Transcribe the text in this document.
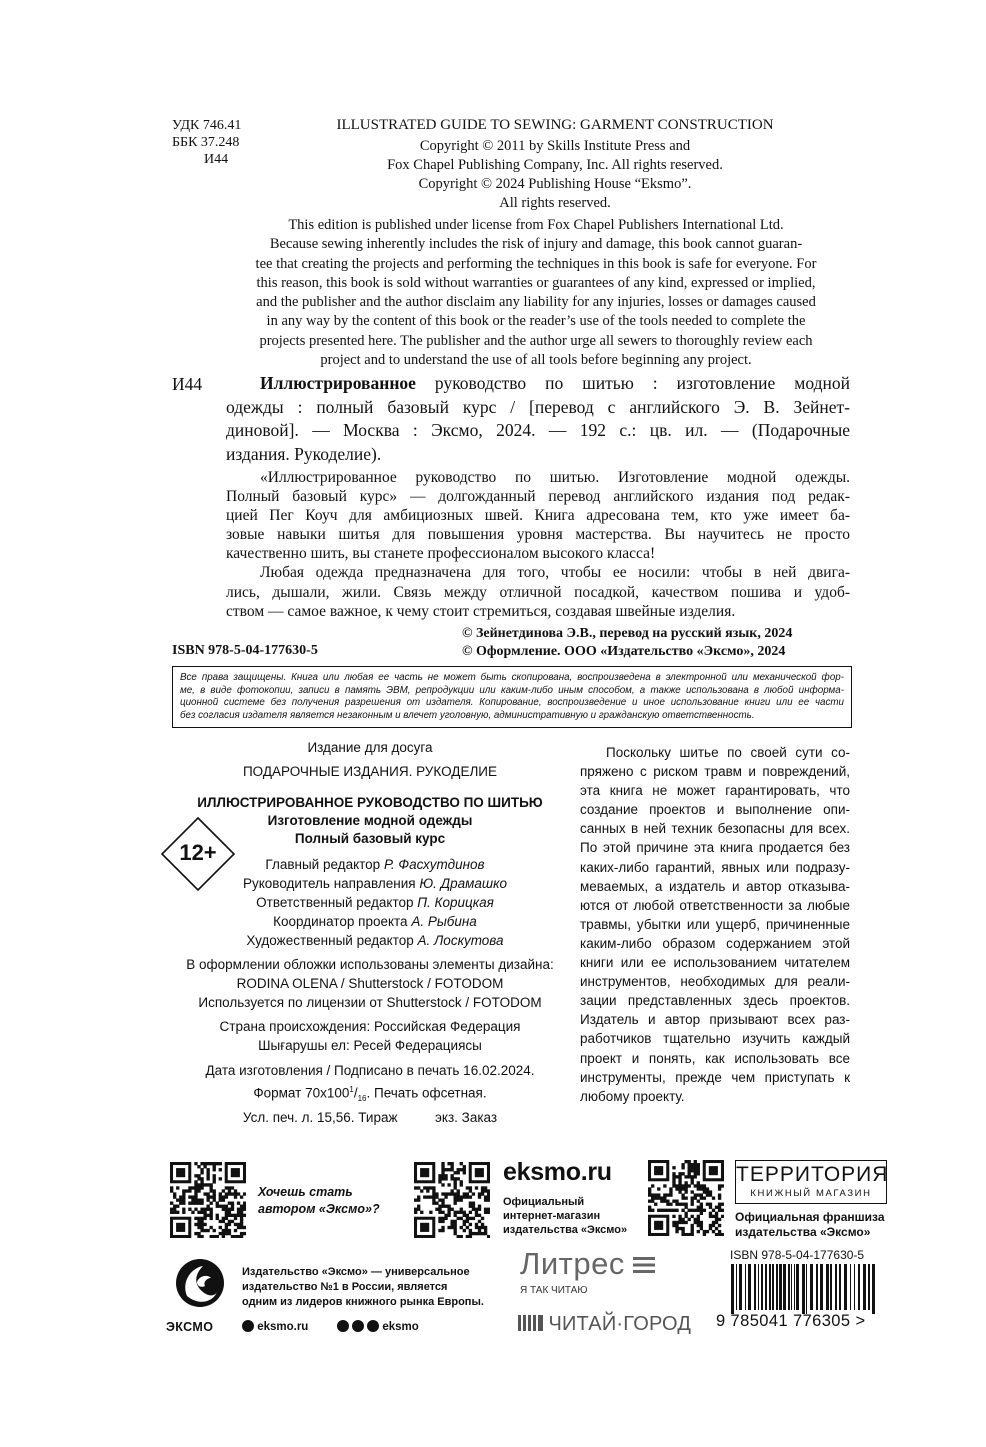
УДК 746.41
ББК 37.248
И44
ILLUSTRATED GUIDE TO SEWING: GARMENT CONSTRUCTION
Copyright © 2011 by Skills Institute Press and
Fox Chapel Publishing Company, Inc. All rights reserved.
Copyright © 2024 Publishing House “Eksmo”.
All rights reserved.
This edition is published under license from Fox Chapel Publishers International Ltd.
Because sewing inherently includes the risk of injury and damage, this book cannot guaran-
tee that creating the projects and performing the techniques in this book is safe for everyone. For
this reason, this book is sold without warranties or guarantees of any kind, expressed or implied,
and the publisher and the author disclaim any liability for any injuries, losses or damages caused
in any way by the content of this book or the reader’s use of the tools needed to complete the
projects presented here. The publisher and the author urge all sewers to thoroughly review each
project and to understand the use of all tools before beginning any project.
И44	Иллюстрированное руководство по шитью : изготовление модной
одежды : полный базовый курс / [перевод с английского Э. В. Зейнет-
диновой]. — Москва : Эксмо, 2024. — 192 с.: цв. ил. — (Подарочные
издания. Рукоделие).
«Иллюстрированное руководство по шитью. Изготовление модной одежды.
Полный базовый курс» — долгожданный перевод английского издания под редак-
цией Пег Коуч для амбициозных швей. Книга адресована тем, кто уже имеет ба-
зовые навыки шитья для повышения уровня мастерства. Вы научитесь не просто
качественно шить, вы станете профессионалом высокого класса!
Любая одежда предназначена для того, чтобы ее носили: чтобы в ней двига-
лись, дышали, жили. Связь между отличной посадкой, качеством пошива и удоб-
ством — самое важное, к чему стоит стремиться, создавая швейные изделия.
© Зейнетдинова Э.В., перевод на русский язык, 2024
© Оформление. ООО «Издательство «Эксмо», 2024
ISBN 978-5-04-177630-5
Все права защищены. Книга или любая ее часть не может быть скопирована, воспроизведена в электронной или механической фор-
ме, в виде фотокопии, записи в память ЭВМ, репродукции или каким-либо иным способом, а также использована в любой информа-
ционной системе без получения разрешения от издателя. Копирование, воспроизведение и иное использование книги или ее части
без согласия издателя является незаконным и влечет уголовную, административную и гражданскую ответственность.
Издание для досуга
ПОДАРОЧНЫЕ ИЗДАНИЯ. РУКОДЕЛИЕ
ИЛЛЮСТРИРОВАННОЕ РУКОВОДСТВО ПО ШИТЬЮ
Изготовление модной одежды
Полный базовый курс
12+	Главный редактор Р. Фасхутдинов
Руководитель направления Ю. Драмашко
Ответственный редактор П. Корицкая
Координатор проекта А. Рыбина
Художественный редактор А. Лоскутова
В оформлении обложки использованы элементы дизайна:
RODINA OLENA / Shutterstock / FOTODOM
Используется по лицензии от Shutterstock / FOTODOM
Страна происхождения: Российская Федерация
Шығарушы ел: Ресей Федерациясы
Дата изготовления / Подписано в печать 16.02.2024.
Формат $70х100^1/_{16}$. Печать офсетная.
Усл. печ. л. 15,56. Тираж          экз. Заказ
Поскольку шитье по своей сути со-
пряжено с риском травм и повреждений,
эта книга не может гарантировать, что
создание проектов и выполнение опи-
санных в ней техник безопасны для всех.
По этой причине эта книга продается без
каких-либо гарантий, явных или подразу-
меваемых, а издатель и автор отказыва-
ются от любой ответственности за любые
травмы, убытки или ущерб, причиненные
каким-либо образом содержанием этой
книги или ее использованием читателем
инструментов, необходимых для реали-
зации представленных здесь проектов.
Издатель и автор призывают всех раз-
работчиков тщательно изучить каждый
проект и понять, как использовать все
инструменты, прежде чем приступать к
любому проекту.
Хочешь стать
автором «Эксмо»?
eksmo.ru
Официальный
интернет-магазин
издательства «Эксмо»
ТЕРРИТОРИЯ
КНИЖНЫЙ МАГАЗИН
Официальная франшиза
издательства «Эксмо»
ЭКСМО
Издательство «Эксмо» — универсальное
издательство №1 в России, является
одним из лидеров книжного рынка Европы.
eksmo.ru	eksmo
Литрес
Я ТАК ЧИТАЮ
ЧИТАЙ·ГОРОД
ISBN 978-5-04-177630-5
9 785041 776305 >
